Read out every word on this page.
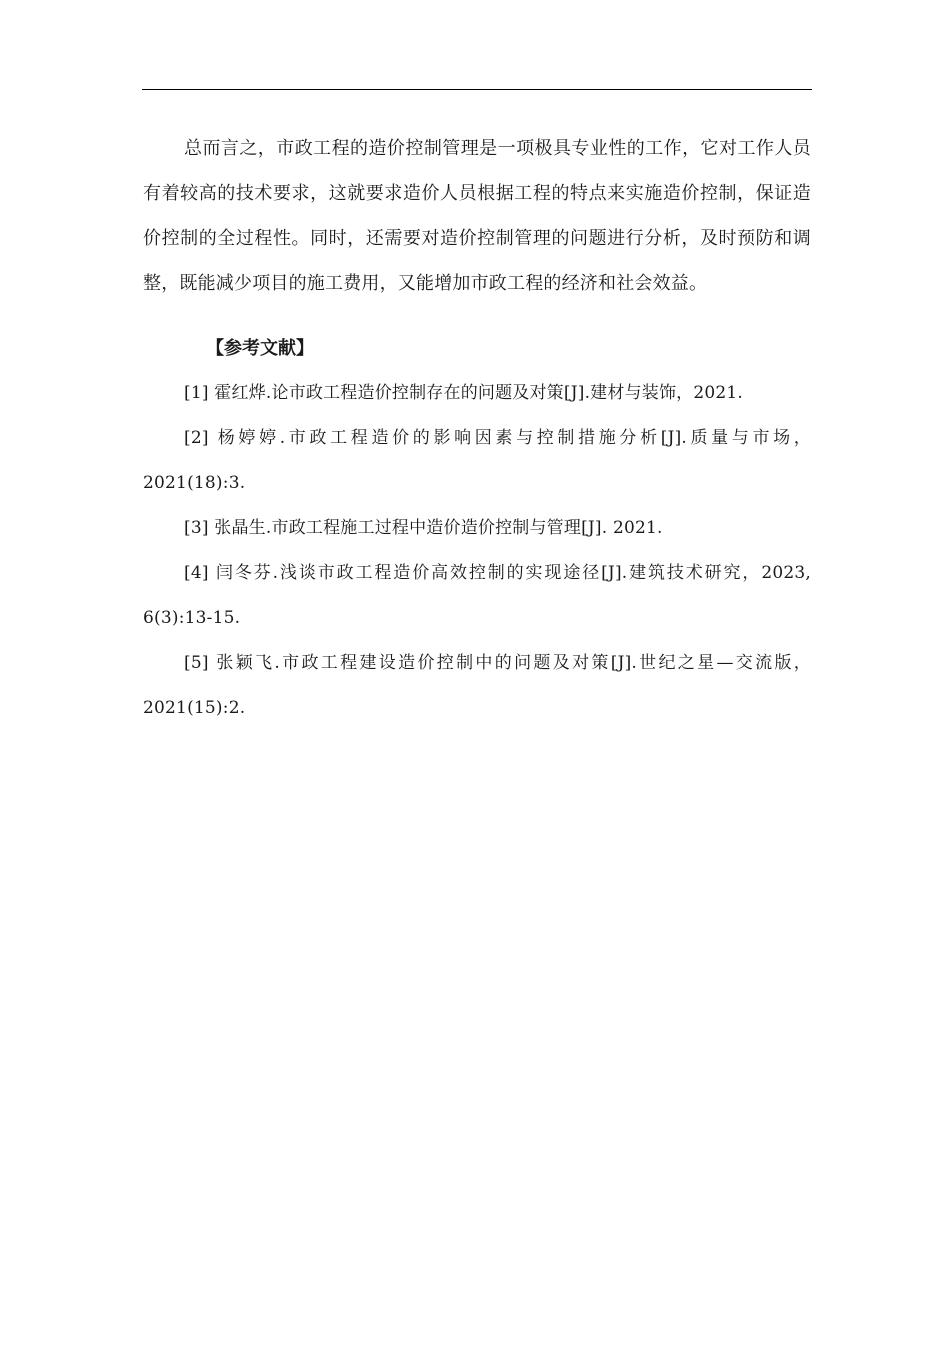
总而言之，市政工程的造价控制管理是一项极具专业性的工作，它对工作人员有着较高的技术要求，这就要求造价人员根据工程的特点来实施造价控制，保证造价控制的全过程性。同时，还需要对造价控制管理的问题进行分析，及时预防和调整，既能减少项目的施工费用，又能增加市政工程的经济和社会效益。

【参考文献】
[1] 霍红烨.论市政工程造价控制存在的问题及对策[J].建材与装饰，2021.
[2] 杨婷婷.市政工程造价的影响因素与控制措施分析[J].质量与市场，2021(18):3.
[3] 张晶生.市政工程施工过程中造价造价控制与管理[J]. 2021.
[4] 闫冬芬.浅谈市政工程造价高效控制的实现途径[J].建筑技术研究，2023, 6(3):13-15.
[5] 张颖飞.市政工程建设造价控制中的问题及对策[J].世纪之星—交流版，2021(15):2.
